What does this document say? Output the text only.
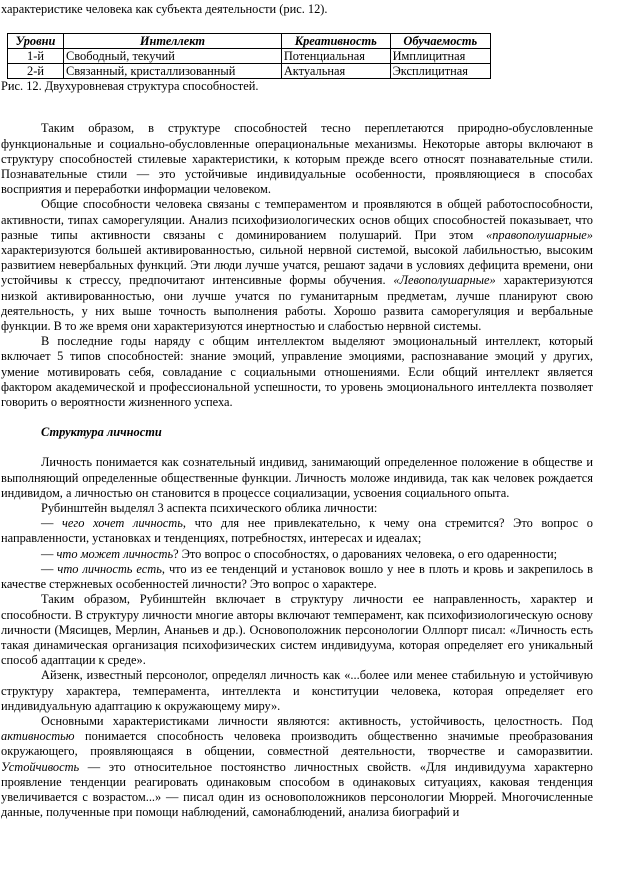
характеристике человека как субъекта деятельности (рис. 12).

Уровни	Интеллект	Креативность	Обучаемость
1-й	Свободный, текучий	Потенциальная	Имплицитная
2-й	Связанный, кристаллизованный	Актуальная	Эксплицитная

Рис. 12. Двухуровневая структура способностей.

Таким образом, в структуре способностей тесно переплетаются природно-обусловленные функциональные и социально-обусловленные операциональные механизмы. Некоторые авторы включают в структуру способностей стилевые характеристики, к которым прежде всего относят познавательные стили. Познавательные стили — это устойчивые индивидуальные особенности, проявляющиеся в способах восприятия и переработки информации человеком.

Общие способности человека связаны с темпераментом и проявляются в общей работоспособности, активности, типах саморегуляции. Анализ психофизиологических основ общих способностей показывает, что разные типы активности связаны с доминированием полушарий. При этом «правополушарные» характеризуются большей активированностью, сильной нервной системой, высокой лабильностью, высоким развитием невербальных функций. Эти люди лучше учатся, решают задачи в условиях дефицита времени, они устойчивы к стрессу, предпочитают интенсивные формы обучения. «Левополушарные» характеризуются низкой активированностью, они лучше учатся по гуманитарным предметам, лучше планируют свою деятельность, у них выше точность выполнения работы. Хорошо развита саморегуляция и вербальные функции. В то же время они характеризуются инертностью и слабостью нервной системы.

В последние годы наряду с общим интеллектом выделяют эмоциональный интеллект, который включает 5 типов способностей: знание эмоций, управление эмоциями, распознавание эмоций у других, умение мотивировать себя, совладание с социальными отношениями. Если общий интеллект является фактором академической и профессиональной успешности, то уровень эмоционального интеллекта позволяет говорить о вероятности жизненного успеха.

Структура личности

Личность понимается как сознательный индивид, занимающий определенное положение в обществе и выполняющий определенные общественные функции. Личность моложе индивида, так как человек рождается индивидом, а личностью он становится в процессе социализации, усвоения социального опыта.

Рубинштейн выделял 3 аспекта психического облика личности:

— чего хочет личность, что для нее привлекательно, к чему она стремится? Это вопрос о направленности, установках и тенденциях, потребностях, интересах и идеалах;

— что может личность? Это вопрос о способностях, о дарованиях человека, о его одаренности;

— что личность есть, что из ее тенденций и установок вошло у нее в плоть и кровь и закрепилось в качестве стержневых особенностей личности? Это вопрос о характере.

Таким образом, Рубинштейн включает в структуру личности ее направленность, характер и способности. В структуру личности многие авторы включают темперамент, как психофизиологическую основу личности (Мясищев, Мерлин, Ананьев и др.). Основоположник персонологии Оллпорт писал: «Личность есть такая динамическая организация психофизических систем индивидуума, которая определяет его уникальный способ адаптации к среде».

Айзенк, известный персонолог, определял личность как «...более или менее стабильную и устойчивую структуру характера, темперамента, интеллекта и конституции человека, которая определяет его индивидуальную адаптацию к окружающему миру».

Основными характеристиками личности являются: активность, устойчивость, целостность. Под активностью понимается способность человека производить общественно значимые преобразования окружающего, проявляющаяся в общении, совместной деятельности, творчестве и саморазвитии. Устойчивость — это относительное постоянство личностных свойств. «Для индивидуума характерно проявление тенденции реагировать одинаковым способом в одинаковых ситуациях, каковая тенденция увеличивается с возрастом...» — писал один из основоположников персонологии Мюррей. Многочисленные данные, полученные при помощи наблюдений, самонаблюдений, анализа биографий и
